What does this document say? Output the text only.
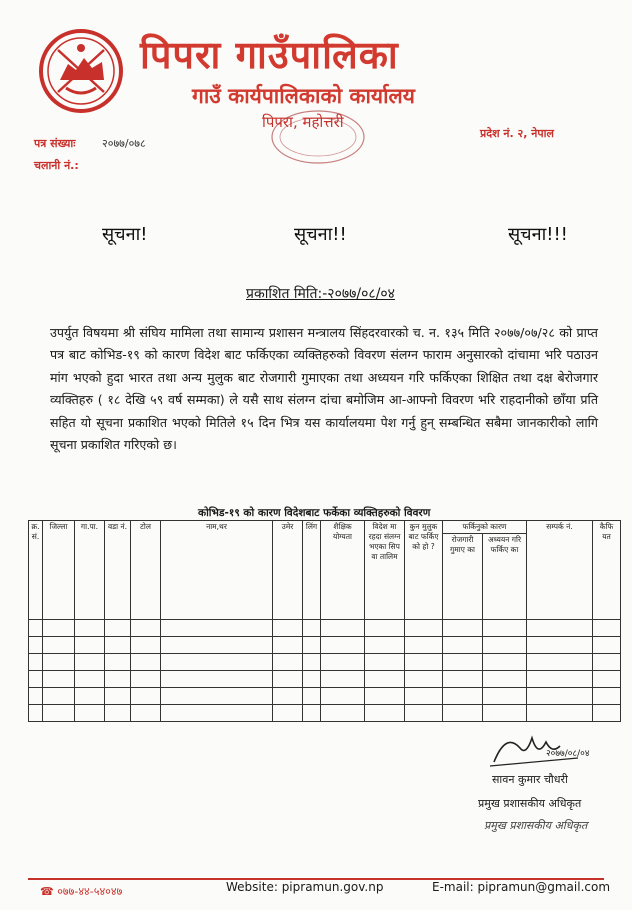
पिपरा गाउँपालिका
गाउँ कार्यपालिकाको कार्यालय
पिपरा, महोत्तरी
पत्र संख्याः २०७७/०७८
चलानी नं.:
प्रदेश नं. २, नेपाल
सूचना!	सूचना!!	सूचना!!!
प्रकाशित मिति:-२०७७/०८/०४
उपर्युत विषयमा श्री संघिय मामिला तथा सामान्य प्रशासन मन्त्रालय सिंहदरवारको च. न. १३५ मिति २०७७/०७/२८ को प्राप्त पत्र बाट कोभिड-१९ को कारण विदेश बाट फर्किएका व्यक्तिहरुको विवरण संलग्न फाराम अनुसारको दांचामा भरि पठाउन मांग भएको हुदा भारत तथा अन्य मुलुक बाट रोजगारी गुमाएका तथा अध्ययन गरि फर्किएका शिक्षित तथा दक्ष बेरोजगार व्यक्तिहरु ( १८ देखि ५९ वर्ष सम्मका) ले यसै साथ संलग्न दांचा बमोजिम आ-आफ्नो विवरण भरि राहदानीको छाँया प्रति सहित यो सूचना प्रकाशित भएको मितिले १५ दिन भित्र यस कार्यालयमा पेश गर्नु हुन् सम्बन्धित सबैमा जानकारीको लागि सूचना प्रकाशित गरिएको छ।
कोभिड-१९ को कारण विदेशबाट फर्केका व्यक्तिहरुको विवरण
क्र. सं.	जिल्ला	गा.पा.	वडा नं.	टोल	नाम,थर	उमेर	लिंग	शैक्षिक योग्यता	विदेश मा रहदा संलग्न भएका सिप वा तालिम	कुन मुलुक बाट फर्किए को हो ?	फर्किनुको कारण		सम्पर्क नं.	कैफि यत
											रोजगारी गुमाए का	अध्ययन गरि फर्किए का		

२०७७/०८/०४
सावन कुमार चौधरी
प्रमुख प्रशासकीय अधिकृत
प्रमुख प्रशासकीय अधिकृत
☎ ०७७-४४-५४०४७	Website: pipramun.gov.np	E-mail: pipramun@gmail.com
